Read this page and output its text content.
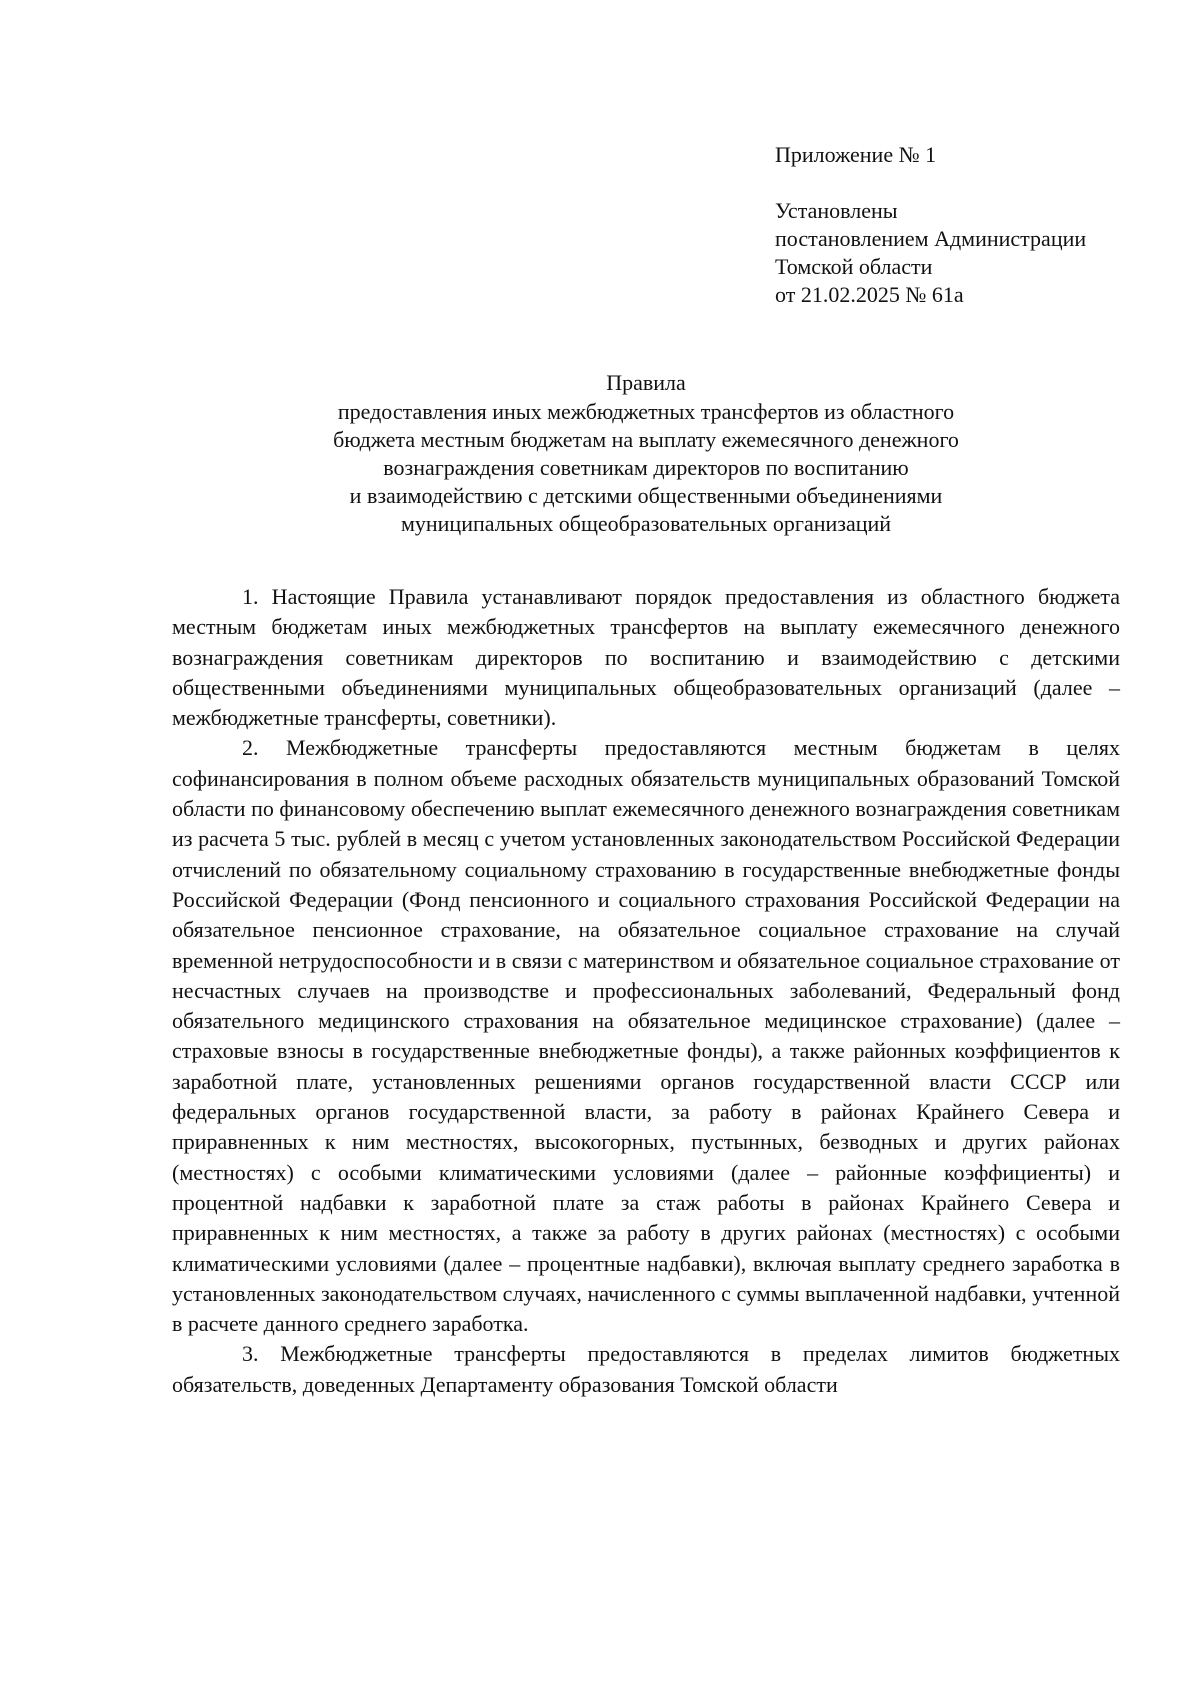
Приложение № 1
Установлены
постановлением Администрации
Томской области
от 21.02.2025 № 61а
Правила
предоставления иных межбюджетных трансфертов из областного
бюджета местным бюджетам на выплату ежемесячного денежного
вознаграждения советникам директоров по воспитанию
и взаимодействию с детскими общественными объединениями
муниципальных общеобразовательных организаций

1. Настоящие Правила устанавливают порядок предоставления из областного бюджета местным бюджетам иных межбюджетных трансфертов на выплату ежемесячного денежного вознаграждения советникам директоров по воспитанию и взаимодействию с детскими общественными объединениями муниципальных общеобразовательных организаций (далее – межбюджетные трансферты, советники).

2. Межбюджетные трансферты предоставляются местным бюджетам в целях софинансирования в полном объеме расходных обязательств муниципальных образований Томской области по финансовому обеспечению выплат ежемесячного денежного вознаграждения советникам из расчета 5 тыс. рублей в месяц с учетом установленных законодательством Российской Федерации отчислений по обязательному социальному страхованию в государственные внебюджетные фонды Российской Федерации (Фонд пенсионного и социального страхования Российской Федерации на обязательное пенсионное страхование, на обязательное социальное страхование на случай временной нетрудоспособности и в связи с материнством и обязательное социальное страхование от несчастных случаев на производстве и профессиональных заболеваний, Федеральный фонд обязательного медицинского страхования на обязательное медицинское страхование) (далее – страховые взносы в государственные внебюджетные фонды), а также районных коэффициентов к заработной плате, установленных решениями органов государственной власти СССР или федеральных органов государственной власти, за работу в районах Крайнего Севера и приравненных к ним местностях, высокогорных, пустынных, безводных и других районах (местностях) с особыми климатическими условиями (далее – районные коэффициенты) и процентной надбавки к заработной плате за стаж работы в районах Крайнего Севера и приравненных к ним местностях, а также за работу в других районах (местностях) с особыми климатическими условиями (далее – процентные надбавки), включая выплату среднего заработка в установленных законодательством случаях, начисленного с суммы выплаченной надбавки, учтенной в расчете данного среднего заработка.

3. Межбюджетные трансферты предоставляются в пределах лимитов бюджетных обязательств, доведенных Департаменту образования Томской области
